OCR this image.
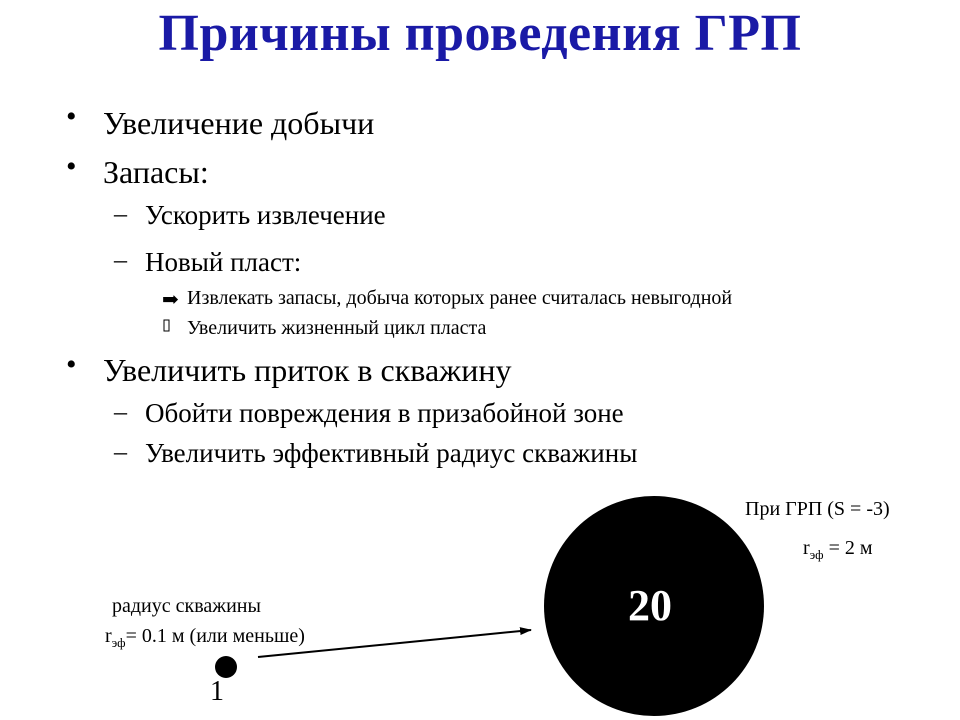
Причины проведения ГРП
• Увеличение добычи
• Запасы:
– Ускорить извлечение
– Новый пласт:
➡ Извлекать запасы, добыча которых ранее считалась невыгодной
Увеличить жизненный цикл пласта
• Увеличить приток в скважину
– Обойти повреждения в призабойной зоне
– Увеличить эффективный радиус скважины
радиус скважины
$r_{эф}= 0.1$ м (или меньше)
1
При ГРП (S = -3)
$r_{эф} = 2$ м
20
